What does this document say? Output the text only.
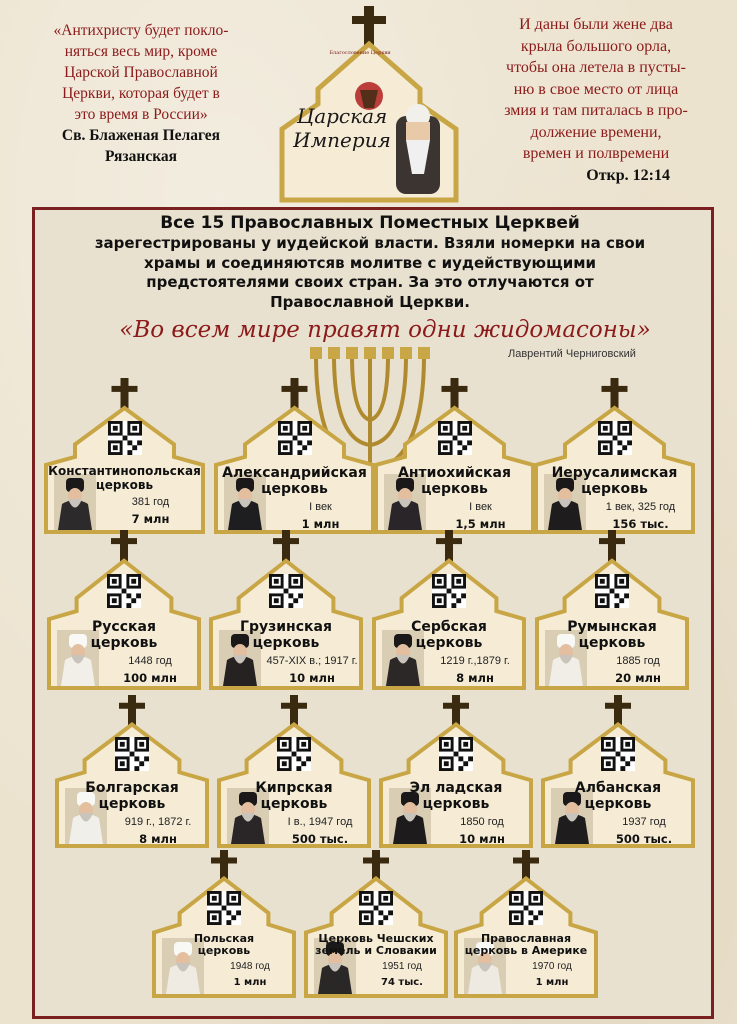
«Антихристу будет покло-
няться весь мир, кроме
Царской Православной
Церкви, которая будет в
это время в России»
Св. Блаженая Пелагея
Рязанская
Благословение Церкви
Царская
Империя
И даны были жене два
крыла большого орла,
чтобы она летела в пусты-
ню в свое место от лица
змия и там питалась в про-
должение времени,
времен и полвремени
Откр. 12:14
Все 15 Православных Поместных Церквей
зарегестрированы у иудейской власти. Взяли номерки на свои
храмы и соединяютсяв молитве с иудействующими
предстоятелями своих стран. За это отлучаются от
Православной Церкви.
«Во всем мире правят одни жидомасоны»
Лаврентий Черниговский
Константинопольская
церковь
381 год
7 млн
Александрийская
церковь
I век
1 млн
Антиохийская
церковь
I век
1,5 млн
Иерусалимская
церковь
1 век, 325 год
156 тыс.
Русская
церковь
1448 год
100 млн
Грузинская
церковь
457-XIX в.; 1917 г.
10 млн
Сербская
церковь
1219 г.,1879 г.
8 млн
Румынская
церковь
1885 год
20 млн
Болгарская
церковь
919 г., 1872 г.
8 млн
Кипрская
церковь
I в., 1947 год
500 тыс.
Эл ладская
церковь
1850 год
10 млн
Албанская
церковь
1937 год
500 тыс.
Польская
церковь
1948 год
1 млн
Церковь Чешских
земель и Словакии
1951 год
74 тыс.
Православная
церковь в Америке
1970 год
1 млн
